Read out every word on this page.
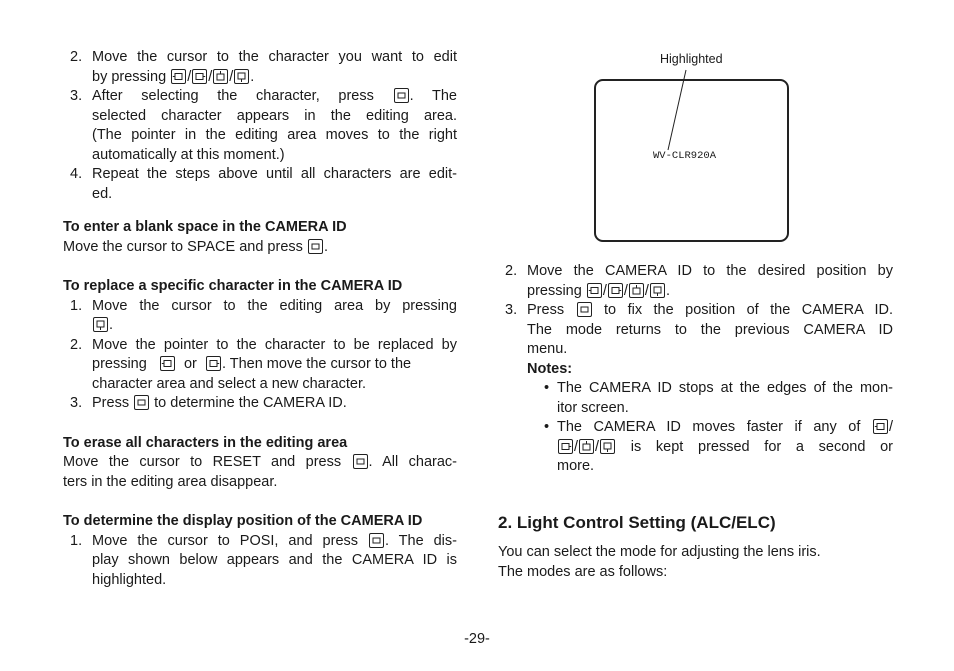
2. Move the cursor to the character you want to edit
by pressing
/ / / .
3. After selecting the character, press . The
selected character appears in the editing area.
(The pointer in the editing area moves to the right
automatically at this moment.)
4. Repeat the steps above until all characters are edit-
ed.
To enter a blank space in the CAMERA ID
Move the cursor to SPACE and press .
To replace a specific character in the CAMERA ID
1. Move the cursor to the editing area by pressing
.
2. Move the pointer to the character to be replaced by
pressing	or . Then move the cursor to the
character area and select a new character.
3. Press to determine the CAMERA ID.
To erase all characters in the editing area
Move the cursor to RESET and press . All charac-
ters in the editing area disappear.
To determine the display position of the CAMERA ID
1. Move the cursor to POSI, and press . The dis-
play shown below appears and the CAMERA ID is
highlighted.
Highlighted
WV-CLR920A
2. Move the CAMERA ID to the desired position by
pressing / / / .
3. Press	to fix the position of the CAMERA ID.
The mode returns to the previous CAMERA ID
menu.
Notes:
• The CAMERA ID stops at the edges of the mon-
itor screen.
• The CAMERA ID moves faster if any of /
/ / is kept pressed for a second or
more.
2. Light Control Setting (ALC/ELC)
You can select the mode for adjusting the lens iris.
The modes are as follows:
-29-
